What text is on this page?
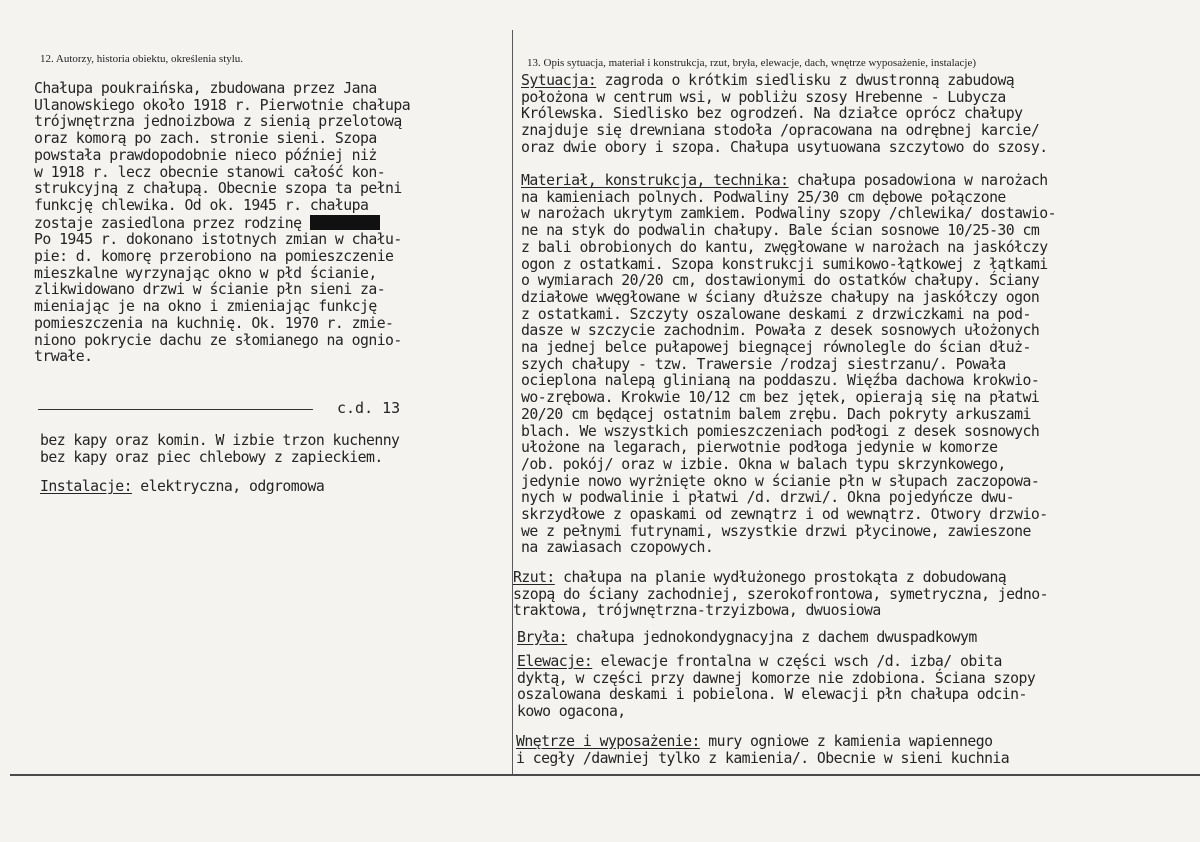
12. Autorzy, historia obiektu, określenia stylu.	13. Opis sytuacja, materiał i konstrukcja, rzut, bryła, elewacje, dach, wnętrze wyposażenie, instalacje)
Chałupa poukraińska, zbudowana przez Jana
Ulanowskiego około 1918 r. Pierwotnie chałupa
trójwnętrzna jednoizbowa z sienią przelotową
oraz komorą po zach. stronie sieni. Szopa
powstała prawdopodobnie nieco później niż
w 1918 r. lecz obecnie stanowi całość kon-
strukcyjną z chałupą. Obecnie szopa ta pełni
funkcję chlewika. Od ok. 1945 r. chałupa
zostaje zasiedlona przez rodzinę
Po 1945 r. dokonano istotnych zmian w chału-
pie: d. komorę przerobiono na pomieszczenie
mieszkalne wyrzynając okno w płd ścianie,
zlikwidowano drzwi w ścianie płn sieni za-
mieniając je na okno i zmieniając funkcję
pomieszczenia na kuchnię. Ok. 1970 r. zmie-
niono pokrycie dachu ze słomianego na ognio-
trwałe.
c.d. 13
bez kapy oraz komin. W izbie trzon kuchenny
bez kapy oraz piec chlebowy z zapieckiem.
Instalacje: elektryczna, odgromowa
Sytuacja: zagroda o krótkim siedlisku z dwustronną zabudową
położona w centrum wsi, w pobliżu szosy Hrebenne - Lubycza
Królewska. Siedlisko bez ogrodzeń. Na działce oprócz chałupy
znajduje się drewniana stodoła /opracowana na odrębnej karcie/
oraz dwie obory i szopa. Chałupa usytuowana szczytowo do szosy.
Materiał, konstrukcja, technika: chałupa posadowiona w narożach
na kamieniach polnych. Podwaliny 25/30 cm dębowe połączone
w narożach ukrytym zamkiem. Podwaliny szopy /chlewika/ dostawio-
ne na styk do podwalin chałupy. Bale ścian sosnowe 10/25-30 cm
z bali obrobionych do kantu, zwęgłowane w narożach na jaskółczy
ogon z ostatkami. Szopa konstrukcji sumikowo-łątkowej z łątkami
o wymiarach 20/20 cm, dostawionymi do ostatków chałupy. Ściany
działowe wwęgłowane w ściany dłuższe chałupy na jaskółczy ogon
z ostatkami. Szczyty oszalowane deskami z drzwiczkami na pod-
dasze w szczycie zachodnim. Powała z desek sosnowych ułożonych
na jednej belce pułapowej biegnącej równolegle do ścian dłuż-
szych chałupy - tzw. Trawersie /rodzaj siestrzanu/. Powała
ocieplona nalepą glinianą na poddaszu. Więźba dachowa krokwio-
wo-zrębowa. Krokwie 10/12 cm bez jętek, opierają się na płatwi
20/20 cm będącej ostatnim balem zrębu. Dach pokryty arkuszami
blach. We wszystkich pomieszczeniach podłogi z desek sosnowych
ułożone na legarach, pierwotnie podłoga jedynie w komorze
/ob. pokój/ oraz w izbie. Okna w balach typu skrzynkowego,
jedynie nowo wyrżnięte okno w ścianie płn w słupach zaczopowa-
nych w podwalinie i płatwi /d. drzwi/. Okna pojedyńcze dwu-
skrzydłowe z opaskami od zewnątrz i od wewnątrz. Otwory drzwio-
we z pełnymi futrynami, wszystkie drzwi płycinowe, zawieszone
na zawiasach czopowych.
Rzut: chałupa na planie wydłużonego prostokąta z dobudowaną
szopą do ściany zachodniej, szerokofrontowa, symetryczna, jedno-
traktowa, trójwnętrzna-trzyizbowa, dwuosiowa
Bryła: chałupa jednokondygnacyjna z dachem dwuspadkowym
Elewacje: elewacje frontalna w części wsch /d. izba/ obita
dyktą, w części przy dawnej komorze nie zdobiona. Ściana szopy
oszalowana deskami i pobielona. W elewacji płn chałupa odcin-
kowo ogacona,
Wnętrze i wyposażenie: mury ogniowe z kamienia wapiennego
i cegły /dawniej tylko z kamienia/. Obecnie w sieni kuchnia
